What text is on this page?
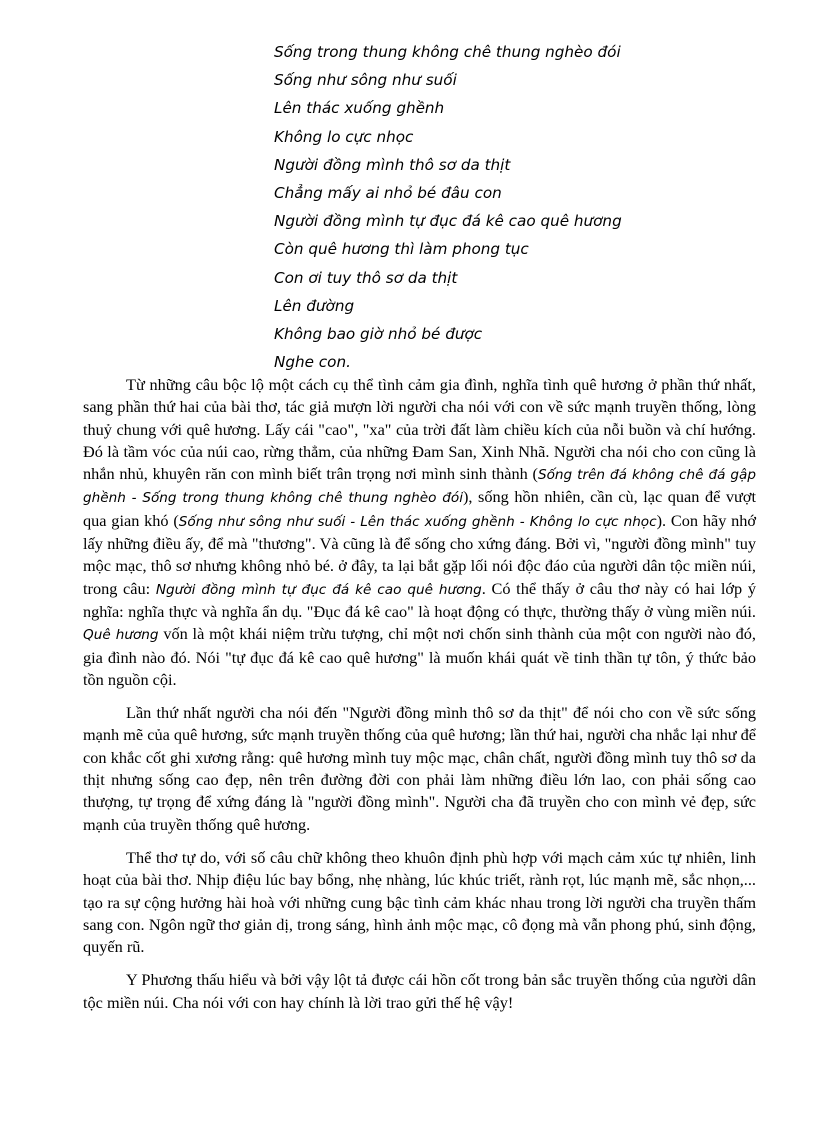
Sống trong thung không chê thung nghèo đói
Sống như sông như suối
Lên thác xuống ghềnh
Không lo cực nhọc
Người đồng mình thô sơ da thịt
Chẳng mấy ai nhỏ bé đâu con
Người đồng mình tự đục đá kê cao quê hương
Còn quê hương thì làm phong tục
Con ơi tuy thô sơ da thịt
Lên đường
Không bao giờ nhỏ bé được
Nghe con.

Từ những câu bộc lộ một cách cụ thể tình cảm gia đình, nghĩa tình quê hương ở phần thứ nhất, sang phần thứ hai của bài thơ, tác giả mượn lời người cha nói với con về sức mạnh truyền thống, lòng thuỷ chung với quê hương. Lấy cái "cao", "xa" của trời đất làm chiều kích của nỗi buồn và chí hướng. Đó là tầm vóc của núi cao, rừng thẳm, của những Đam San, Xinh Nhã. Người cha nói cho con cũng là nhắn nhủ, khuyên răn con mình biết trân trọng nơi mình sinh thành (Sống trên đá không chê đá gập ghềnh - Sống trong thung không chê thung nghèo đói), sống hồn nhiên, cần cù, lạc quan để vượt qua gian khó (Sống như sông như suối - Lên thác xuống ghềnh - Không lo cực nhọc). Con hãy nhớ lấy những điều ấy, để mà "thương". Và cũng là để sống cho xứng đáng. Bởi vì, "người đồng mình" tuy mộc mạc, thô sơ nhưng không nhỏ bé. ở đây, ta lại bắt gặp lối nói độc đáo của người dân tộc miền núi, trong câu: Người đồng mình tự đục đá kê cao quê hương. Có thể thấy ở câu thơ này có hai lớp ý nghĩa: nghĩa thực và nghĩa ẩn dụ. "Đục đá kê cao" là hoạt động có thực, thường thấy ở vùng miền núi. Quê hương vốn là một khái niệm trừu tượng, chỉ một nơi chốn sinh thành của một con người nào đó, gia đình nào đó. Nói "tự đục đá kê cao quê hương" là muốn khái quát về tinh thần tự tôn, ý thức bảo tồn nguồn cội.

Lần thứ nhất người cha nói đến "Người đồng mình thô sơ da thịt" để nói cho con về sức sống mạnh mẽ của quê hương, sức mạnh truyền thống của quê hương; lần thứ hai, người cha nhắc lại như để con khắc cốt ghi xương rằng: quê hương mình tuy mộc mạc, chân chất, người đồng mình tuy thô sơ da thịt nhưng sống cao đẹp, nên trên đường đời con phải làm những điều lớn lao, con phải sống cao thượng, tự trọng để xứng đáng là "người đồng mình". Người cha đã truyền cho con mình vẻ đẹp, sức mạnh của truyền thống quê hương.

Thể thơ tự do, với số câu chữ không theo khuôn định phù hợp với mạch cảm xúc tự nhiên, linh hoạt của bài thơ. Nhịp điệu lúc bay bổng, nhẹ nhàng, lúc khúc triết, rành rọt, lúc mạnh mẽ, sắc nhọn,... tạo ra sự cộng hưởng hài hoà với những cung bậc tình cảm khác nhau trong lời người cha truyền thấm sang con. Ngôn ngữ thơ giản dị, trong sáng, hình ảnh mộc mạc, cô đọng mà vẫn phong phú, sinh động, quyến rũ.

Y Phương thấu hiểu và bởi vậy lột tả được cái hồn cốt trong bản sắc truyền thống của người dân tộc miền núi. Cha nói với con hay chính là lời trao gửi thế hệ vậy!
